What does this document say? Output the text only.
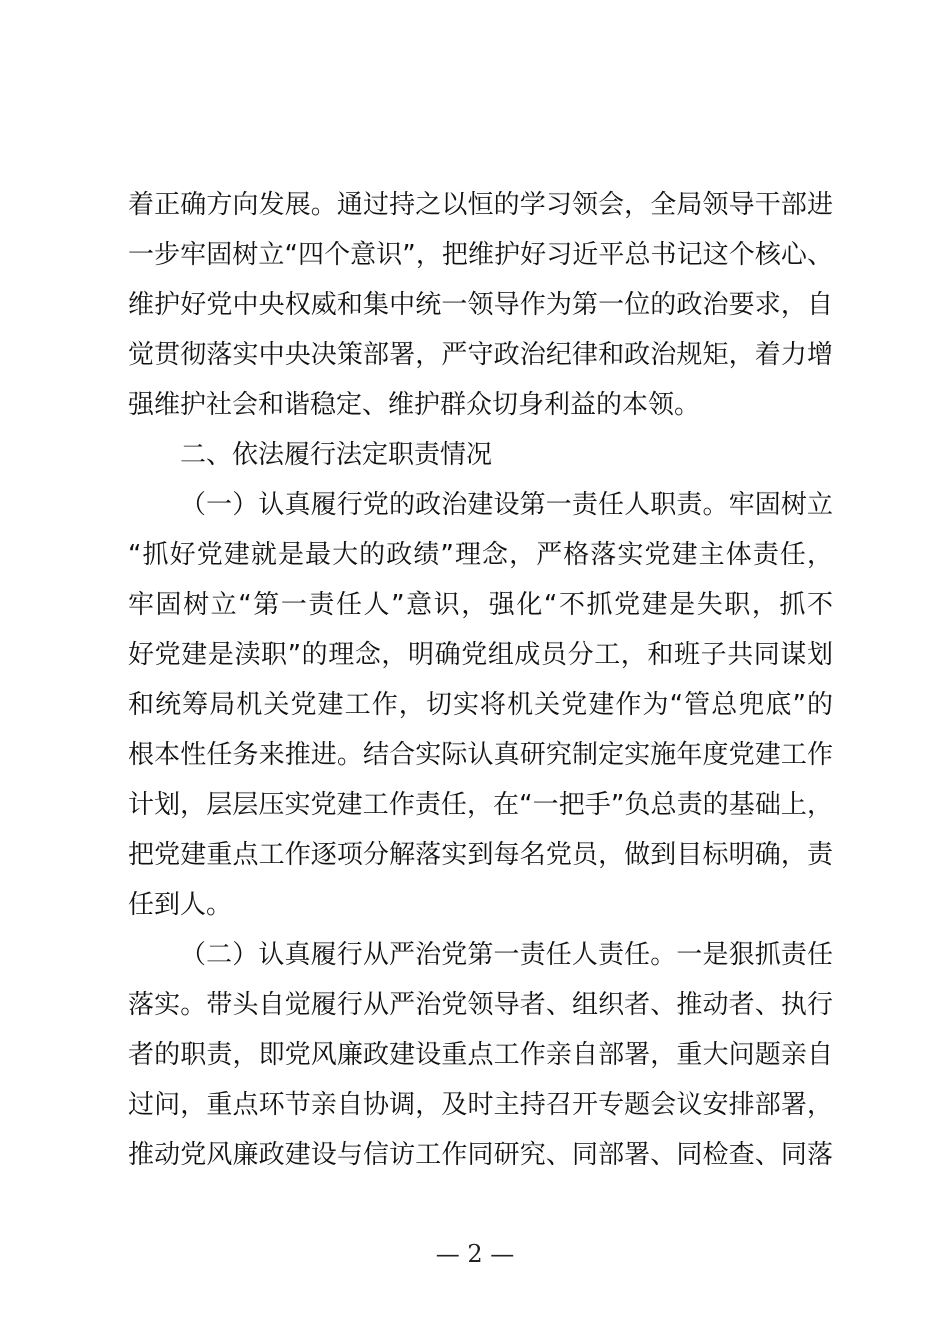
着正确方向发展。通过持之以恒的学习领会，全局领导干部进
一步牢固树立“四个意识”，把维护好习近平总书记这个核心、
维护好党中央权威和集中统一领导作为第一位的政治要求，自
觉贯彻落实中央决策部署，严守政治纪律和政治规矩，着力增
强维护社会和谐稳定、维护群众切身利益的本领。
二、依法履行法定职责情况
（一）认真履行党的政治建设第一责任人职责。牢固树立
“抓好党建就是最大的政绩”理念，严格落实党建主体责任，
牢固树立“第一责任人”意识，强化“不抓党建是失职，抓不
好党建是渎职”的理念，明确党组成员分工，和班子共同谋划
和统筹局机关党建工作，切实将机关党建作为“管总兜底”的
根本性任务来推进。结合实际认真研究制定实施年度党建工作
计划，层层压实党建工作责任，在“一把手”负总责的基础上，
把党建重点工作逐项分解落实到每名党员，做到目标明确，责
任到人。
（二）认真履行从严治党第一责任人责任。一是狠抓责任
落实。带头自觉履行从严治党领导者、组织者、推动者、执行
者的职责，即党风廉政建设重点工作亲自部署，重大问题亲自
过问，重点环节亲自协调，及时主持召开专题会议安排部署，
推动党风廉政建设与信访工作同研究、同部署、同检查、同落
— 2 —
